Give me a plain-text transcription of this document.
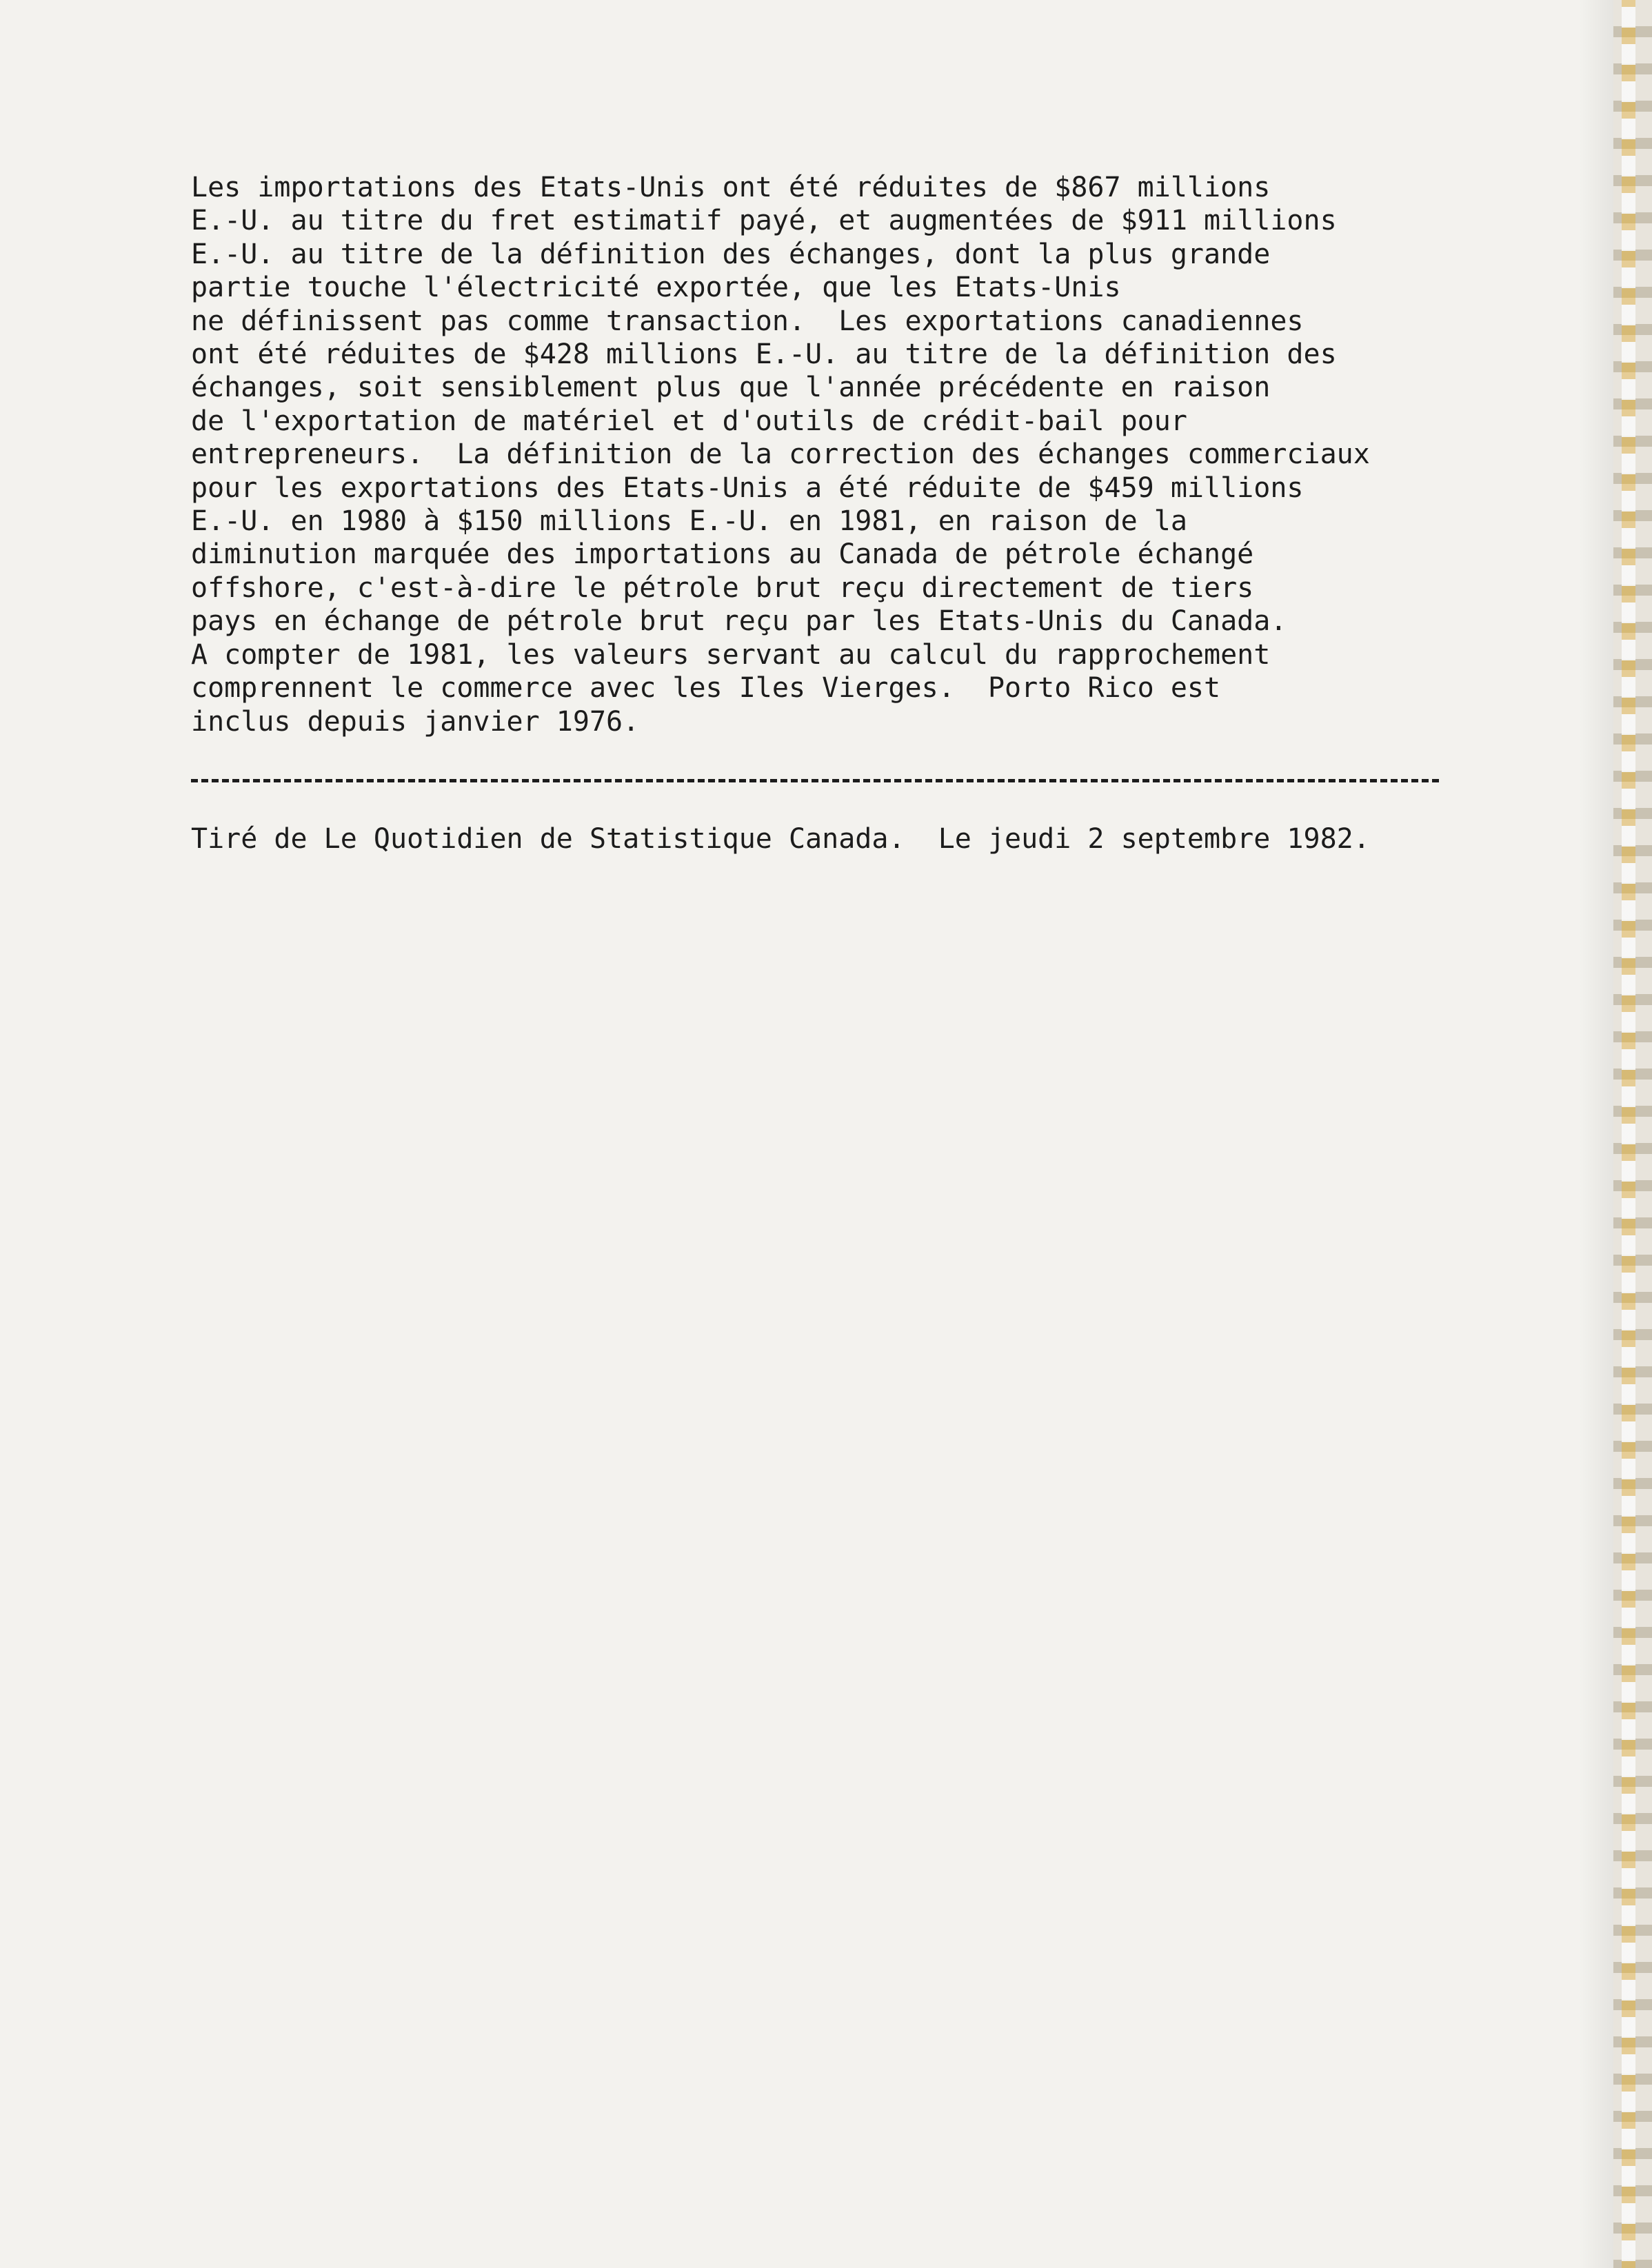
Les importations des Etats-Unis ont été réduites de $867 millions
E.-U. au titre du fret estimatif payé, et augmentées de $911 millions
E.-U. au titre de la définition des échanges, dont la plus grande
partie touche l'électricité exportée, que les Etats-Unis
ne définissent pas comme transaction.  Les exportations canadiennes
ont été réduites de $428 millions E.-U. au titre de la définition des
échanges, soit sensiblement plus que l'année précédente en raison
de l'exportation de matériel et d'outils de crédit-bail pour
entrepreneurs.  La définition de la correction des échanges commerciaux
pour les exportations des Etats-Unis a été réduite de $459 millions
E.-U. en 1980 à $150 millions E.-U. en 1981, en raison de la
diminution marquée des importations au Canada de pétrole échangé
offshore, c'est-à-dire le pétrole brut reçu directement de tiers
pays en échange de pétrole brut reçu par les Etats-Unis du Canada.
A compter de 1981, les valeurs servant au calcul du rapprochement
comprennent le commerce avec les Iles Vierges.  Porto Rico est
inclus depuis janvier 1976.

Tiré de Le Quotidien de Statistique Canada.  Le jeudi 2 septembre 1982.
